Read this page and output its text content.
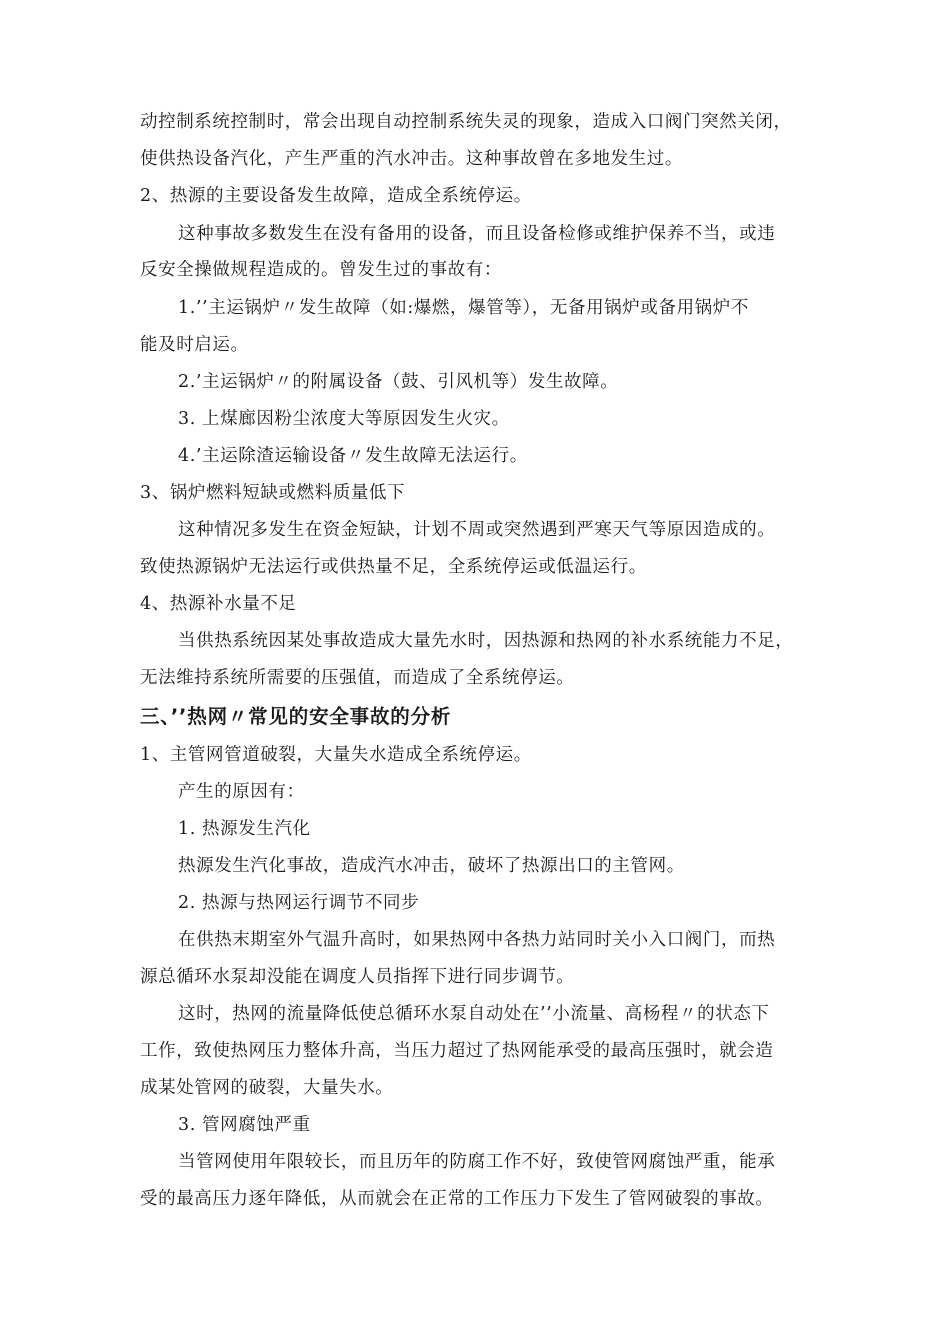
动控制系统控制时，常会出现自动控制系统失灵的现象，造成入口阀门突然关闭，

使供热设备汽化，产生严重的汽水冲击。这种事故曾在多地发生过。

2、热源的主要设备发生故障，造成全系统停运。

这种事故多数发生在没有备用的设备，而且设备检修或维护保养不当，或违

反安全操做规程造成的。曾发生过的事故有：

1.’’主运锅炉〃发生故障（如:爆燃，爆管等），无备用锅炉或备用锅炉不

能及时启运。

2.’主运锅炉〃的附属设备（鼓、引风机等）发生故障。

3. 上煤廊因粉尘浓度大等原因发生火灾。

4.’主运除渣运输设备〃发生故障无法运行。

3、锅炉燃料短缺或燃料质量低下

这种情况多发生在资金短缺，计划不周或突然遇到严寒天气等原因造成的。

致使热源锅炉无法运行或供热量不足，全系统停运或低温运行。

4、热源补水量不足

当供热系统因某处事故造成大量先水时，因热源和热网的补水系统能力不足，

无法维持系统所需要的压强值，而造成了全系统停运。

三、’’热网〃常见的安全事故的分析

1、主管网管道破裂，大量失水造成全系统停运。

产生的原因有：

1. 热源发生汽化

热源发生汽化事故，造成汽水冲击，破坏了热源出口的主管网。

2. 热源与热网运行调节不同步

在供热末期室外气温升高时，如果热网中各热力站同时关小入口阀门，而热

源总循环水泵却没能在调度人员指挥下进行同步调节。

这时，热网的流量降低使总循环水泵自动处在’’小流量、高杨程〃的状态下

工作，致使热网压力整体升高，当压力超过了热网能承受的最高压强时，就会造

成某处管网的破裂，大量失水。

3. 管网腐蚀严重

当管网使用年限较长，而且历年的防腐工作不好，致使管网腐蚀严重，能承

受的最高压力逐年降低，从而就会在正常的工作压力下发生了管网破裂的事故。
